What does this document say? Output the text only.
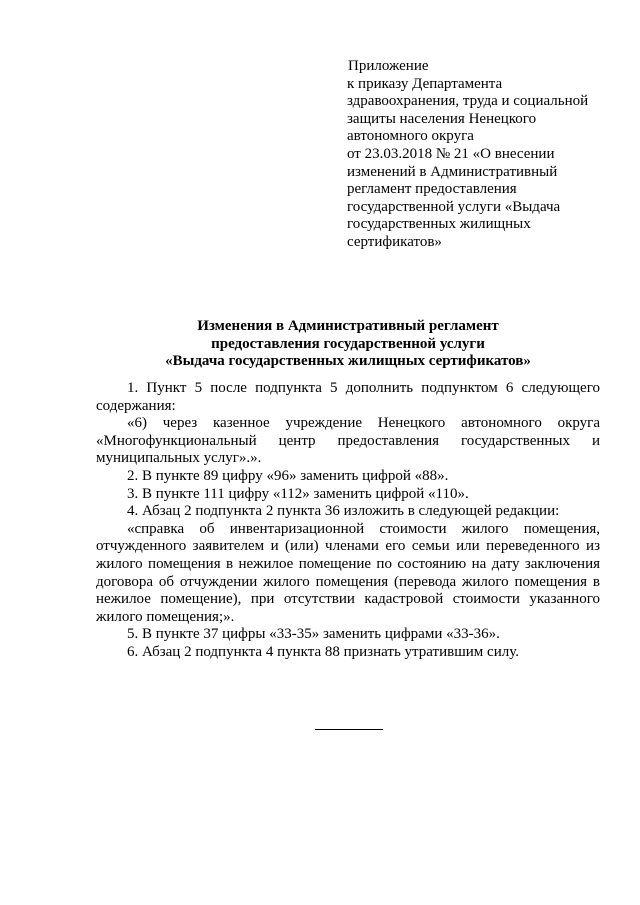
Приложение
к приказу Департамента
здравоохранения, труда и социальной
защиты населения Ненецкого
автономного округа
от 23.03.2018 № 21 «О внесении
изменений в Административный
регламент предоставления
государственной услуги «Выдача
государственных жилищных
сертификатов»
Изменения в Административный регламент
предоставления государственной услуги
«Выдача государственных жилищных сертификатов»

1. Пункт 5 после подпункта 5 дополнить подпунктом 6 следующего

содержания:

«6) через казенное учреждение Ненецкого автономного округа

«Многофункциональный центр предоставления государственных и

муниципальных услуг».».

2. В пункте 89 цифру «96» заменить цифрой «88».

3. В пункте 111 цифру «112» заменить цифрой «110».

4. Абзац 2 подпункта 2 пункта 36 изложить в следующей редакции:

«справка об инвентаризационной стоимости жилого помещения,

отчужденного заявителем и (или) членами его семьи или переведенного из

жилого помещения в нежилое помещение по состоянию на дату заключения

договора об отчуждении жилого помещения (перевода жилого помещения в

нежилое помещение), при отсутствии кадастровой стоимости указанного

жилого помещения;».

5. В пункте 37 цифры «33-35» заменить цифрами «33-36».

6. Абзац 2 подпункта 4 пункта 88 признать утратившим силу.
